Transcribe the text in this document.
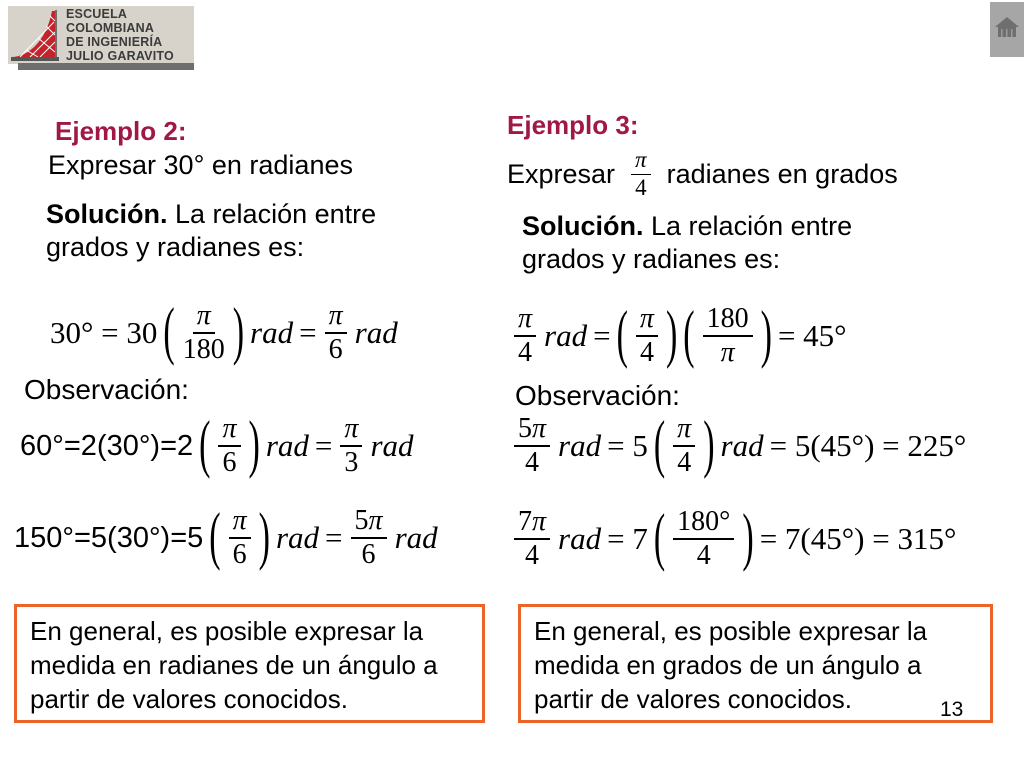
ESCUELA
COLOMBIANA
DE INGENIERÍA
JULIO GARAVITO
Ejemplo 2:
Expresar 30° en radianes
Solución. La relación entre grados y radianes es:
30° = 30 ( $\frac{\pi}{180}$ ) rad = $\frac{\pi}{6}$ rad
Observación:
60°=2(30°)=2 ( $\frac{\pi}{6}$ ) rad = $\frac{\pi}{3}$ rad
150°=5(30°)=5 ( $\frac{\pi}{6}$ ) rad = $\frac{5\pi}{6}$ rad
En general, es posible expresar la medida en radianes de un ángulo a partir de valores conocidos.
Ejemplo 3:
Expresar $\frac{\pi}{4}$ radianes en grados
Solución. La relación entre grados y radianes es:
$\frac{\pi}{4}$ rad = ( $\frac{\pi}{4}$ ) ( $\frac{180}{\pi}$ ) = 45°
Observación:
$\frac{5\pi}{4}$ rad = 5 ( $\frac{\pi}{4}$ ) rad = 5(45°) = 225°
$\frac{7\pi}{4}$ rad = 7 ( $\frac{180^\circ}{4}$ ) = 7(45°) = 315°
En general, es posible expresar la medida en grados de un ángulo a partir de valores conocidos.	13
